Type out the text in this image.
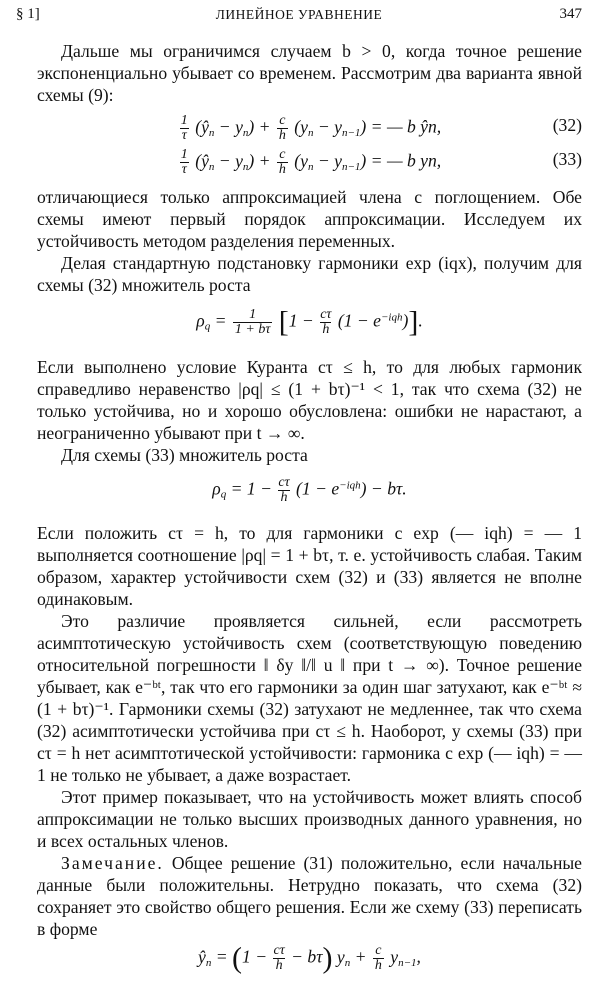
§ 1]	ЛИНЕЙНОЕ УРАВНЕНИЕ	347

Дальше мы ограничимся случаем b > 0, когда точное решение экспоненциально убывает со временем. Рассмотрим два варианта явной схемы (9):

$\frac{1}{\tau}$ $(ŷ_n - y_n) + \frac{c}{h} (y_n - y_{n-1})$ = — b ŷn,	(32)
$\frac{1}{\tau}$ $(ŷ_n - y_n) + \frac{c}{h} (y_n - y_{n-1})$ = — b yn,	(33)

отличающиеся только аппроксимацией члена с поглощением. Обе схемы имеют первый порядок аппроксимации. Исследуем их устойчивость методом разделения переменных.

Делая стандартную подстановку гармоники exp (iqx), получим для схемы (32) множитель роста

$\rho_q = \frac{1}{1 + b\tau} [1 - \frac{c\tau}{h} (1 - e^{-iqh})]$.

Если выполнено условие Куранта cτ ≤ h, то для любых гармоник справедливо неравенство |ρq| ≤ (1 + bτ)⁻¹ < 1, так что схема (32) не только устойчива, но и хорошо обусловлена: ошибки не нарастают, а неограниченно убывают при t → ∞.

Для схемы (33) множитель роста

$\rho_q = 1 - \frac{c\tau}{h} (1 - e^{-iqh}) - b\tau$.

Если положить cτ = h, то для гармоники с exp (— iqh) = — 1 выполняется соотношение |ρq| = 1 + bτ, т. е. устойчивость слабая. Таким образом, характер устойчивости схем (32) и (33) является не вполне одинаковым.

Это различие проявляется сильней, если рассмотреть асимптотическую устойчивость схем (соответствующую поведению относительной погрешности ‖ δy ‖/‖ u ‖ при t → ∞). Точное решение убывает, как e⁻ᵇᵗ, так что его гармоники за один шаг затухают, как e⁻ᵇᵗ ≈ (1 + bτ)⁻¹. Гармоники схемы (32) затухают не медленнее, так что схема (32) асимптотически устойчива при cτ ≤ h. Наоборот, у схемы (33) при cτ = h нет асимптотической устойчивости: гармоника с exp (— iqh) = — 1 не только не убывает, а даже возрастает.

Этот пример показывает, что на устойчивость может влиять способ аппроксимации не только высших производных данного уравнения, но и всех остальных членов.

Замечание. Общее решение (31) положительно, если начальные данные были положительны. Нетрудно показать, что схема (32) сохраняет это свойство общего решения. Если же схему (33) переписать в форме

$ŷ_n = (1 - \frac{c\tau}{h} - b\tau) y_n + \frac{c}{h} y_{n-1}$,
